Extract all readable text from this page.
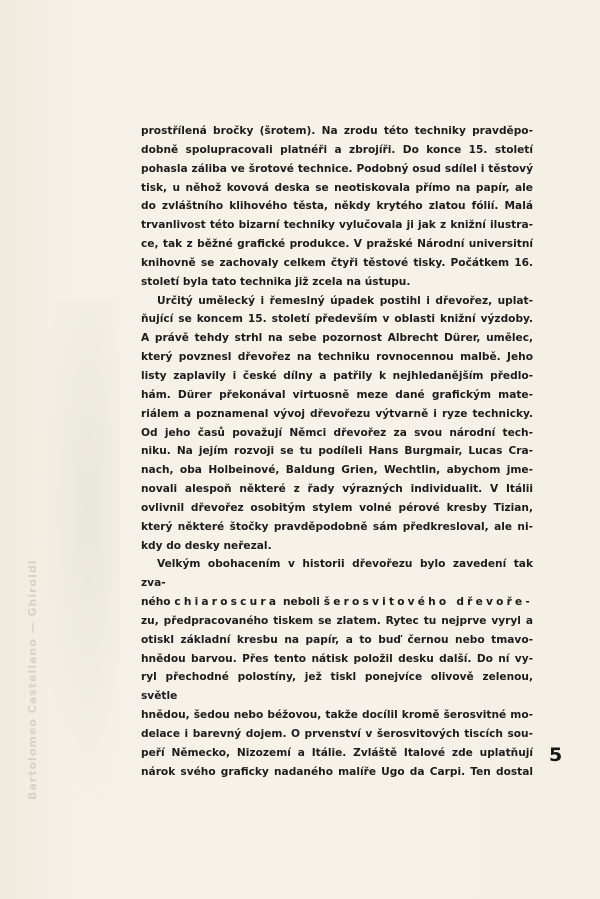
Bartolomeo Castellano — Ghiroldi

prostřílená bročky (šrotem). Na zrodu této techniky pravděpo-

dobně spolupracovali platnéři a zbrojíři. Do konce 15. století

pohasla záliba ve šrotové technice. Podobný osud sdílel i těstový

tisk, u něhož kovová deska se neotiskovala přímo na papír, ale

do zvláštního klihového těsta, někdy krytého zlatou fólií. Malá

trvanlivost této bizarní techniky vylučovala ji jak z knižní ilustra-

ce, tak z běžné grafické produkce. V pražské Národní universitní

knihovně se zachovaly celkem čtyři těstové tisky. Počátkem 16.

století byla tato technika již zcela na ústupu.

Určitý umělecký i řemeslný úpadek postihl i dřevořez, uplat-

ňující se koncem 15. století především v oblasti knižní výzdoby.

A právě tehdy strhl na sebe pozornost Albrecht Dürer, umělec,

který povznesl dřevořez na techniku rovnocennou malbě. Jeho

listy zaplavily i české dílny a patřily k nejhledanějším předlo-

hám. Dürer překonával virtuosně meze dané grafickým mate-

riálem a poznamenal vývoj dřevořezu výtvarně i ryze technicky.

Od jeho časů považují Němci dřevořez za svou národní tech-

niku. Na jejím rozvoji se tu podíleli Hans Burgmair, Lucas Cra-

nach, oba Holbeinové, Baldung Grien, Wechtlin, abychom jme-

novali alespoň některé z řady výrazných individualit. V Itálii

ovlivnil dřevořez osobitým stylem volné pérové kresby Tizian,

který některé štočky pravděpodobně sám předkresloval, ale ni-

kdy do desky neřezal.

Velkým obohacením v historii dřevořezu bylo zavedení tak zva-

ného chiaroscura neboli šerosvitového dřevoře-

zu, předpracovaného tiskem se zlatem. Rytec tu nejprve vyryl a

otiskl základní kresbu na papír, a to buď černou nebo tmavo-

hnědou barvou. Přes tento nátisk položil desku další. Do ní vy-

ryl přechodné polostíny, jež tiskl ponejvíce olivově zelenou, světle

hnědou, šedou nebo béžovou, takže docílil kromě šerosvitné mo-

delace i barevný dojem. O prvenství v šerosvitových tiscích sou-

peří Německo, Nizozemí a Itálie. Zvláště Italové zde uplatňují

nárok svého graficky nadaného malíře Ugo da Carpi. Ten dostal

5
